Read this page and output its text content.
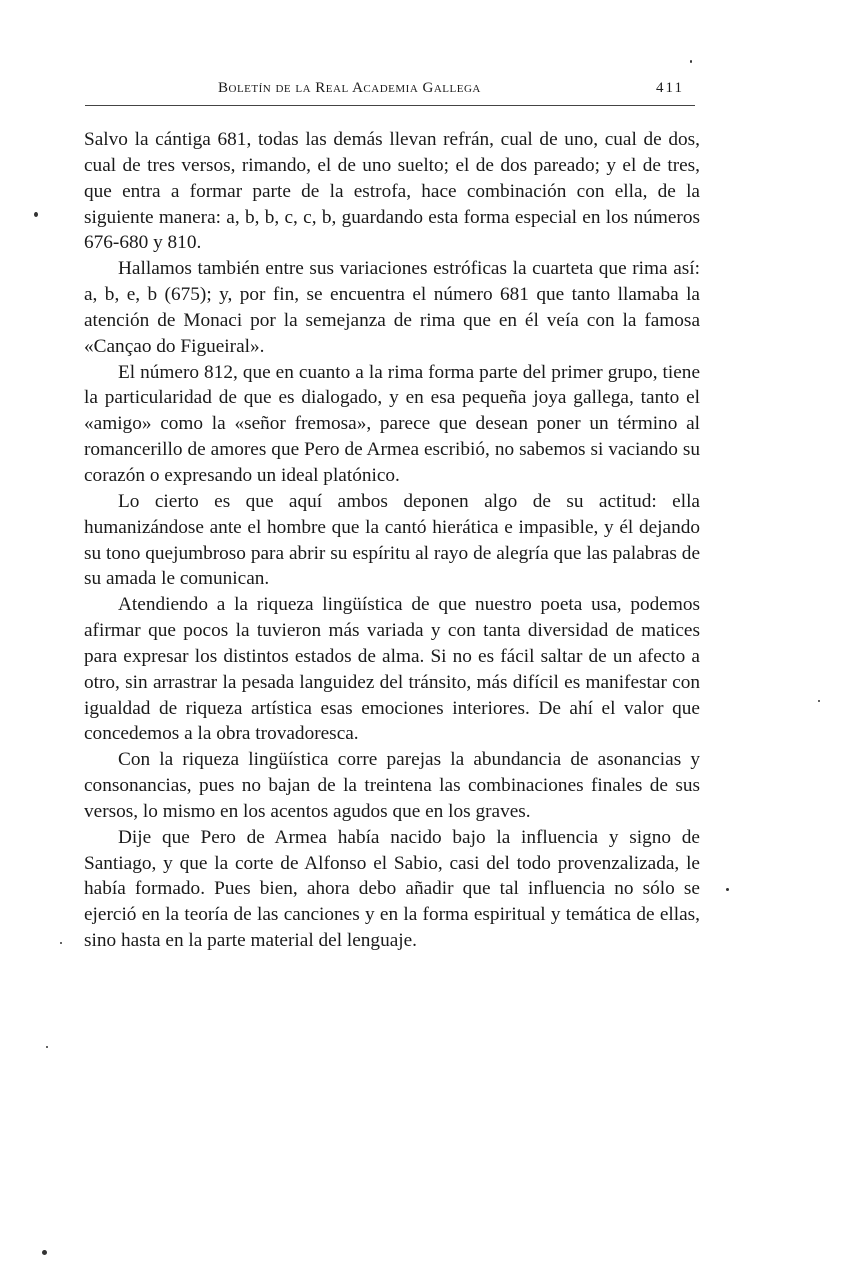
Boletín de la Real Academia Gallega	411

Salvo la cántiga 681, todas las demás llevan refrán, cual de uno, cual de dos, cual de tres versos, rimando, el de uno suelto; el de dos pareado; y el de tres, que entra a formar parte de la estrofa, hace combinación con ella, de la siguiente manera: a, b, b, c, c, b, guardando esta forma especial en los números 676-680 y 810.

Hallamos también entre sus variaciones estróficas la cuarteta que rima así: a, b, e, b (675); y, por fin, se encuentra el número 681 que tanto llamaba la atención de Monaci por la semejanza de rima que en él veía con la famosa «Cançao do Figueiral».

El número 812, que en cuanto a la rima forma parte del primer grupo, tiene la particularidad de que es dialogado, y en esa pequeña joya gallega, tanto el «amigo» como la «señor fremosa», parece que desean poner un término al romancerillo de amores que Pero de Armea escribió, no sabemos si vaciando su corazón o expresando un ideal platónico.

Lo cierto es que aquí ambos deponen algo de su actitud: ella humanizándose ante el hombre que la cantó hierática e impasible, y él dejando su tono quejumbroso para abrir su espíritu al rayo de alegría que las palabras de su amada le comunican.

Atendiendo a la riqueza lingüística de que nuestro poeta usa, podemos afirmar que pocos la tuvieron más variada y con tanta diversidad de matices para expresar los distintos estados de alma. Si no es fácil saltar de un afecto a otro, sin arrastrar la pesada languidez del tránsito, más difícil es manifestar con igualdad de riqueza artística esas emociones interiores. De ahí el valor que concedemos a la obra trovadoresca.

Con la riqueza lingüística corre parejas la abundancia de asonancias y consonancias, pues no bajan de la treintena las combinaciones finales de sus versos, lo mismo en los acentos agudos que en los graves.

Dije que Pero de Armea había nacido bajo la influencia y signo de Santiago, y que la corte de Alfonso el Sabio, casi del todo provenzalizada, le había formado. Pues bien, ahora debo añadir que tal influencia no sólo se ejerció en la teoría de las canciones y en la forma espiritual y temática de ellas, sino hasta en la parte material del lenguaje.
